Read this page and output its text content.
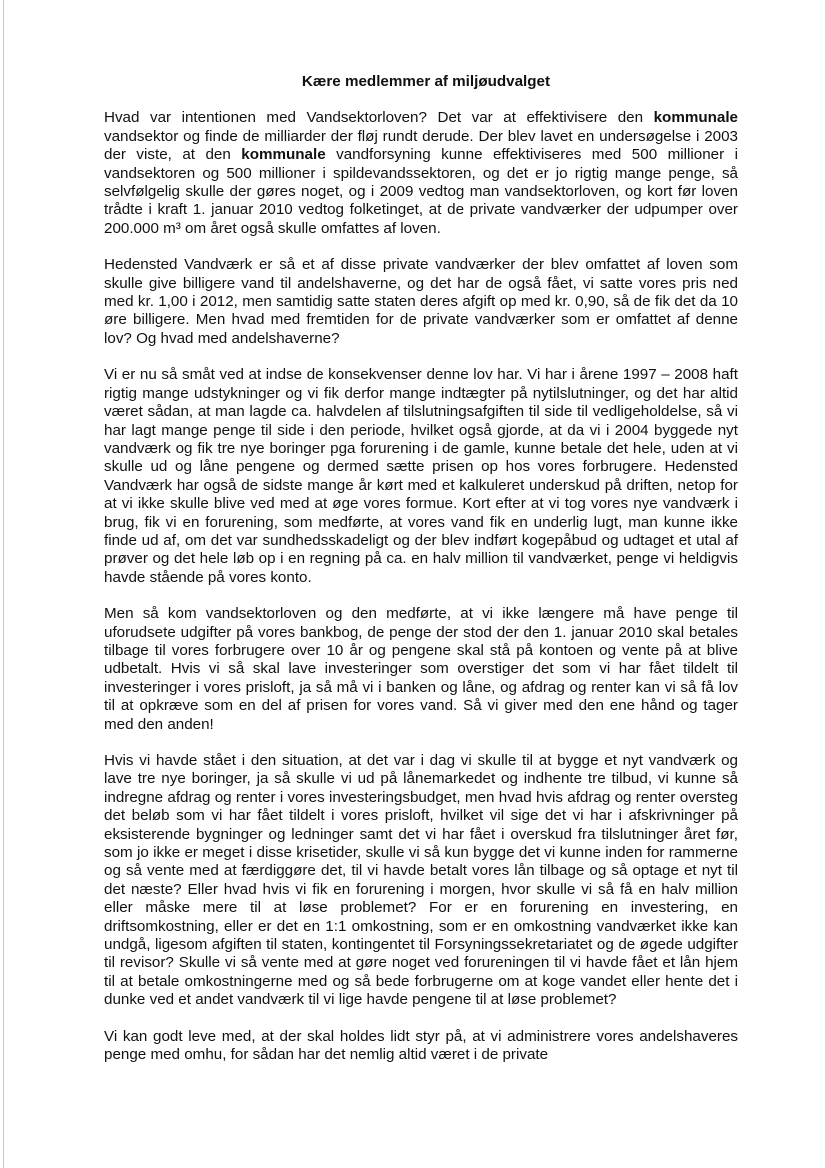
Kære medlemmer af miljøudvalget

Hvad var intentionen med Vandsektorloven? Det var at effektivisere den kommunale vandsektor og finde de milliarder der fløj rundt derude. Der blev lavet en undersøgelse i 2003 der viste, at den kommunale vandforsyning kunne effektiviseres med 500 millioner i vandsektoren og 500 millioner i spildevandssektoren, og det er jo rigtig mange penge, så selvfølgelig skulle der gøres noget, og i 2009 vedtog man vandsektorloven, og kort før loven trådte i kraft 1. januar 2010 vedtog folketinget, at de private vandværker der udpumper over 200.000 m³ om året også skulle omfattes af loven.

Hedensted Vandværk er så et af disse private vandværker der blev omfattet af loven som skulle give billigere vand til andelshaverne, og det har de også fået, vi satte vores pris ned med kr. 1,00 i 2012, men samtidig satte staten deres afgift op med kr. 0,90, så de fik det da 10 øre billigere. Men hvad med fremtiden for de private vandværker som er omfattet af denne lov? Og hvad med andelshaverne?

Vi er nu så småt ved at indse de konsekvenser denne lov har. Vi har i årene 1997 – 2008 haft rigtig mange udstykninger og vi fik derfor mange indtægter på nytilslutninger, og det har altid været sådan, at man lagde ca. halvdelen af tilslutningsafgiften til side til vedligeholdelse, så vi har lagt mange penge til side i den periode, hvilket også gjorde, at da vi i 2004 byggede nyt vandværk og fik tre nye boringer pga forurening i de gamle, kunne betale det hele, uden at vi skulle ud og låne pengene og dermed sætte prisen op hos vores forbrugere. Hedensted Vandværk har også de sidste mange år kørt med et kalkuleret underskud på driften, netop for at vi ikke skulle blive ved med at øge vores formue. Kort efter at vi tog vores nye vandværk i brug, fik vi en forurening, som medførte, at vores vand fik en underlig lugt, man kunne ikke finde ud af, om det var sundhedsskadeligt og der blev indført kogepåbud og udtaget et utal af prøver og det hele løb op i en regning på ca. en halv million til vandværket, penge vi heldigvis havde stående på vores konto.

Men så kom vandsektorloven og den medførte, at vi ikke længere må have penge til uforudsete udgifter på vores bankbog, de penge der stod der den 1. januar 2010 skal betales tilbage til vores forbrugere over 10 år og pengene skal stå på kontoen og vente på at blive udbetalt. Hvis vi så skal lave investeringer som overstiger det som vi har fået tildelt til investeringer i vores prisloft, ja så må vi i banken og låne, og afdrag og renter kan vi så få lov til at opkræve som en del af prisen for vores vand. Så vi giver med den ene hånd og tager med den anden!

Hvis vi havde stået i den situation, at det var i dag vi skulle til at bygge et nyt vandværk og lave tre nye boringer, ja så skulle vi ud på lånemarkedet og indhente tre tilbud, vi kunne så indregne afdrag og renter i vores investeringsbudget, men hvad hvis afdrag og renter oversteg det beløb som vi har fået tildelt i vores prisloft, hvilket vil sige det vi har i afskrivninger på eksisterende bygninger og ledninger samt det vi har fået i overskud fra tilslutninger året før, som jo ikke er meget i disse krisetider, skulle vi så kun bygge det vi kunne inden for rammerne og så vente med at færdiggøre det, til vi havde betalt vores lån tilbage og så optage et nyt til det næste? Eller hvad hvis vi fik en forurening i morgen, hvor skulle vi så få en halv million eller måske mere til at løse problemet? For er en forurening en investering, en driftsomkostning, eller er det en 1:1 omkostning, som er en omkostning vandværket ikke kan undgå, ligesom afgiften til staten, kontingentet til Forsyningssekretariatet og de øgede udgifter til revisor? Skulle vi så vente med at gøre noget ved forureningen til vi havde fået et lån hjem til at betale omkostningerne med og så bede forbrugerne om at koge vandet eller hente det i dunke ved et andet vandværk til vi lige havde pengene til at løse problemet?

Vi kan godt leve med, at der skal holdes lidt styr på, at vi administrere vores andelshaveres penge med omhu, for sådan har det nemlig altid været i de private
